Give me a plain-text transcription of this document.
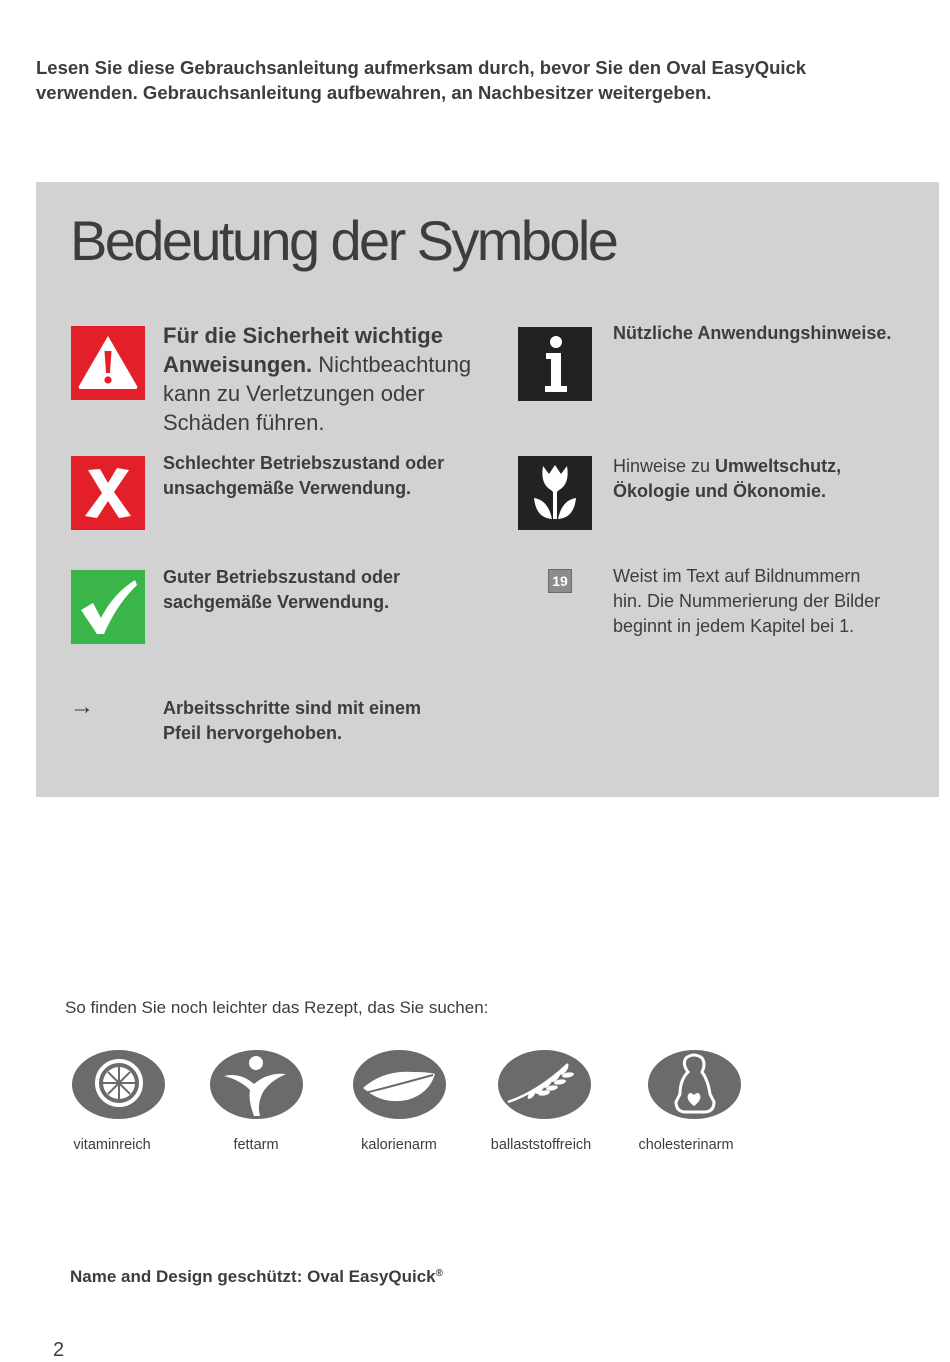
Lesen Sie diese Gebrauchsanleitung aufmerksam durch, bevor Sie den Oval EasyQuick
verwenden. Gebrauchsanleitung aufbewahren, an Nachbesitzer weitergeben.
Bedeutung der Symbole
Für die Sicherheit wichtige
Anweisungen. Nichtbeachtung
kann zu Verletzungen oder
Schäden führen.
Nützliche Anwendungshinweise.
Schlechter Betriebszustand oder
unsachgemäße Verwendung.
Hinweise zu Umweltschutz,
Ökologie und Ökonomie.
Guter Betriebszustand oder
sachgemäße Verwendung.
19	Weist im Text auf Bildnummern
hin. Die Nummerierung der Bilder
beginnt in jedem Kapitel bei 1.
→	Arbeitsschritte sind mit einem
Pfeil hervorgehoben.
So finden Sie noch leichter das Rezept, das Sie suchen:
vitaminreich	fettarm	kalorienarm	ballaststoffreich	cholesterinarm
Name and Design geschützt: Oval EasyQuick®
2
